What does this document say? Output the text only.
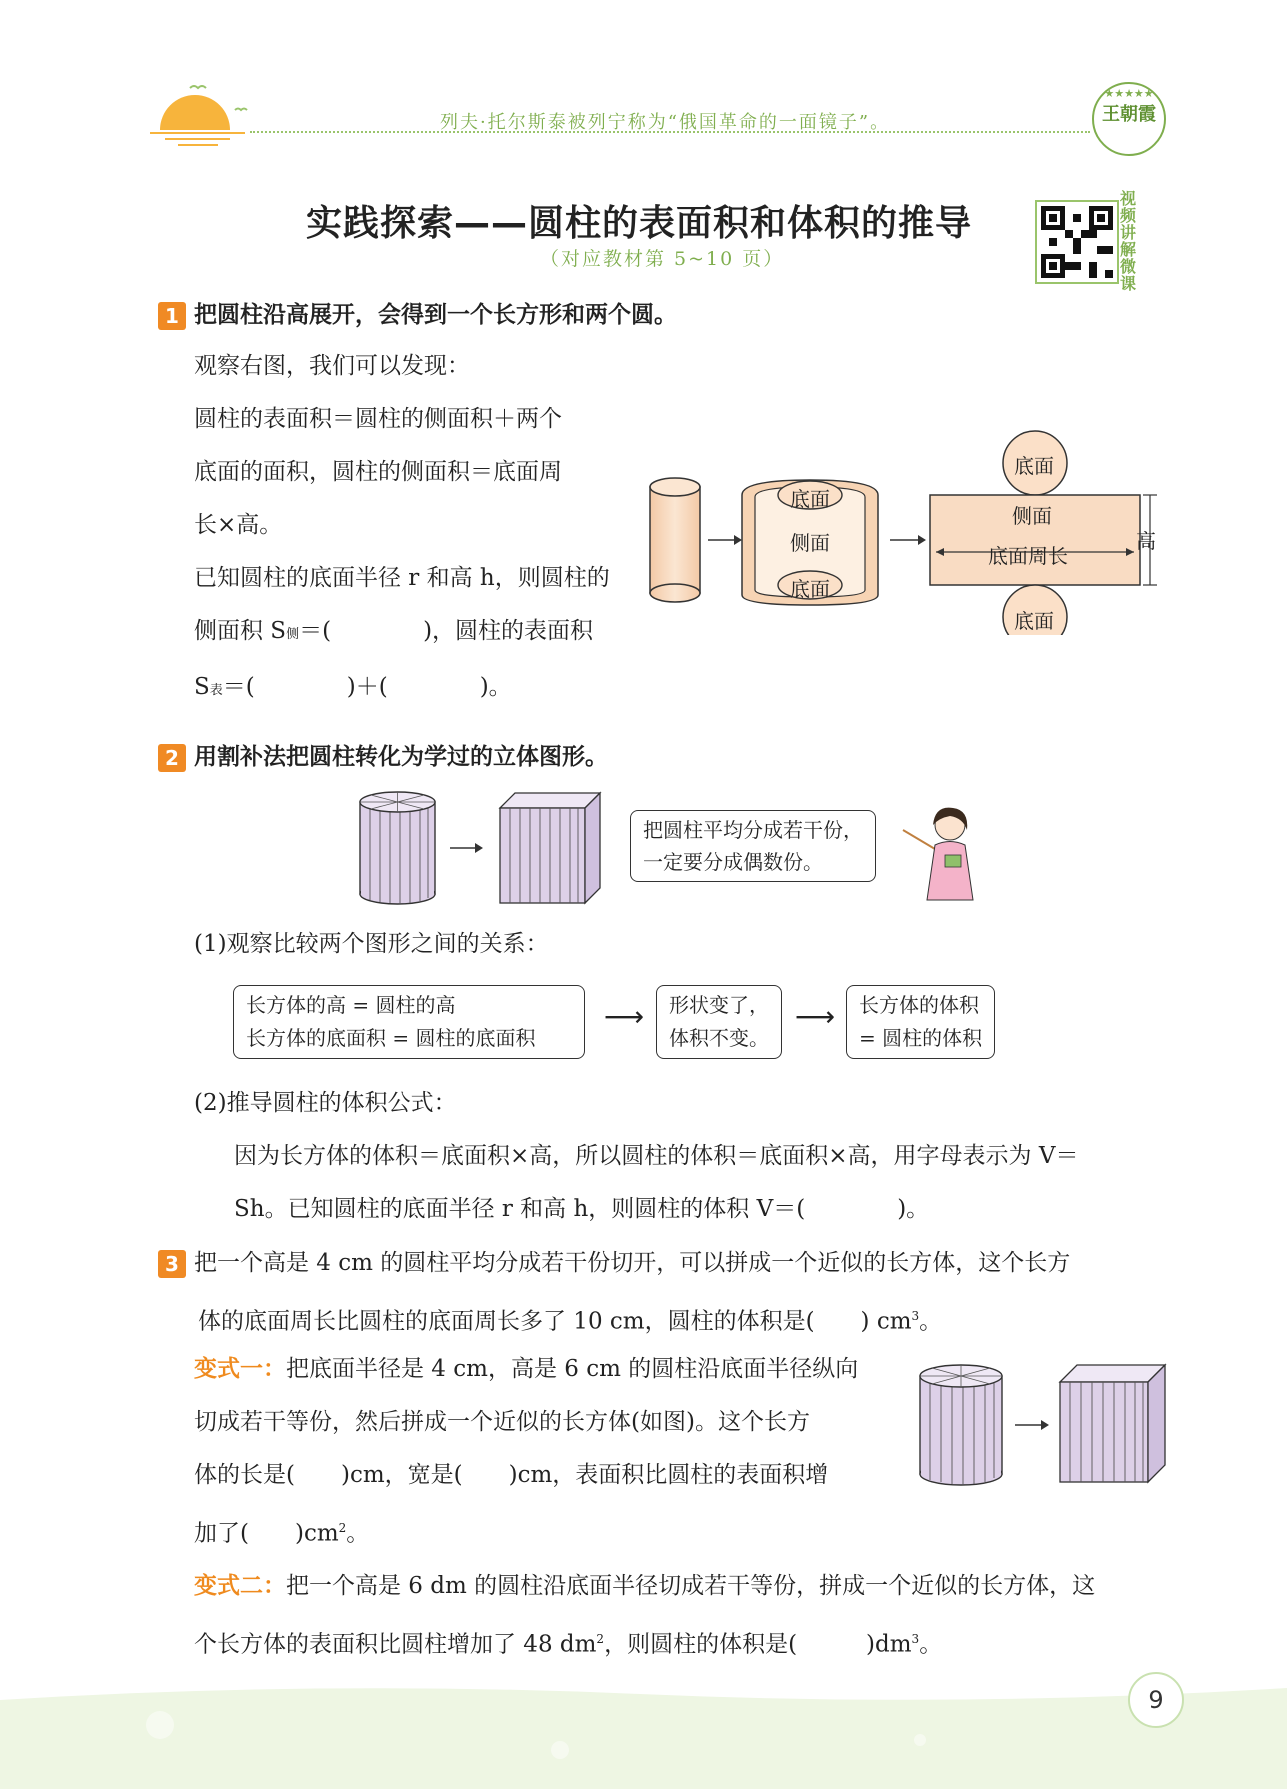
列夫·托尔斯泰被列宁称为“俄国革命的一面镜子”。
★★★★★
王朝霞
实践探索——圆柱的表面积和体积的推导
（对应教材第 5~10 页）
视频讲解微课
1 把圆柱沿高展开，会得到一个长方形和两个圆。
观察右图，我们可以发现：
圆柱的表面积＝圆柱的侧面积＋两个
底面的面积，圆柱的侧面积＝底面周
长×高。
已知圆柱的底面半径 r 和高 h，则圆柱的
侧面积 S侧＝(　　　　)，圆柱的表面积
S表＝(　　　　)＋(　　　　)。
底面
侧面
底面
底面
侧面
底面周长
高
底面
2 用割补法把圆柱转化为学过的立体图形。
把圆柱平均分成若干份，
一定要分成偶数份。
(1)观察比较两个图形之间的关系：
长方体的高 = 圆柱的高
长方体的底面积 = 圆柱的底面积
⟶ 形状变了，
体积不变。
⟶ 长方体的体积
= 圆柱的体积
(2)推导圆柱的体积公式：
因为长方体的体积＝底面积×高，所以圆柱的体积＝底面积×高，用字母表示为 V＝
Sh。已知圆柱的底面半径 r 和高 h，则圆柱的体积 V＝(　　　　)。
3 把一个高是 4 cm 的圆柱平均分成若干份切开，可以拼成一个近似的长方体，这个长方
体的底面周长比圆柱的底面周长多了 10 cm，圆柱的体积是(　　) $cm^3$。
变式一：把底面半径是 4 cm，高是 6 cm 的圆柱沿底面半径纵向
切成若干等份，然后拼成一个近似的长方体(如图)。这个长方
体的长是(　　)cm，宽是(　　)cm，表面积比圆柱的表面积增
加了(　　)$cm^2$。
变式二：把一个高是 6 dm 的圆柱沿底面半径切成若干等份，拼成一个近似的长方体，这
个长方体的表面积比圆柱增加了 48 $dm^2$，则圆柱的体积是(　　　)$dm^3$。
9
